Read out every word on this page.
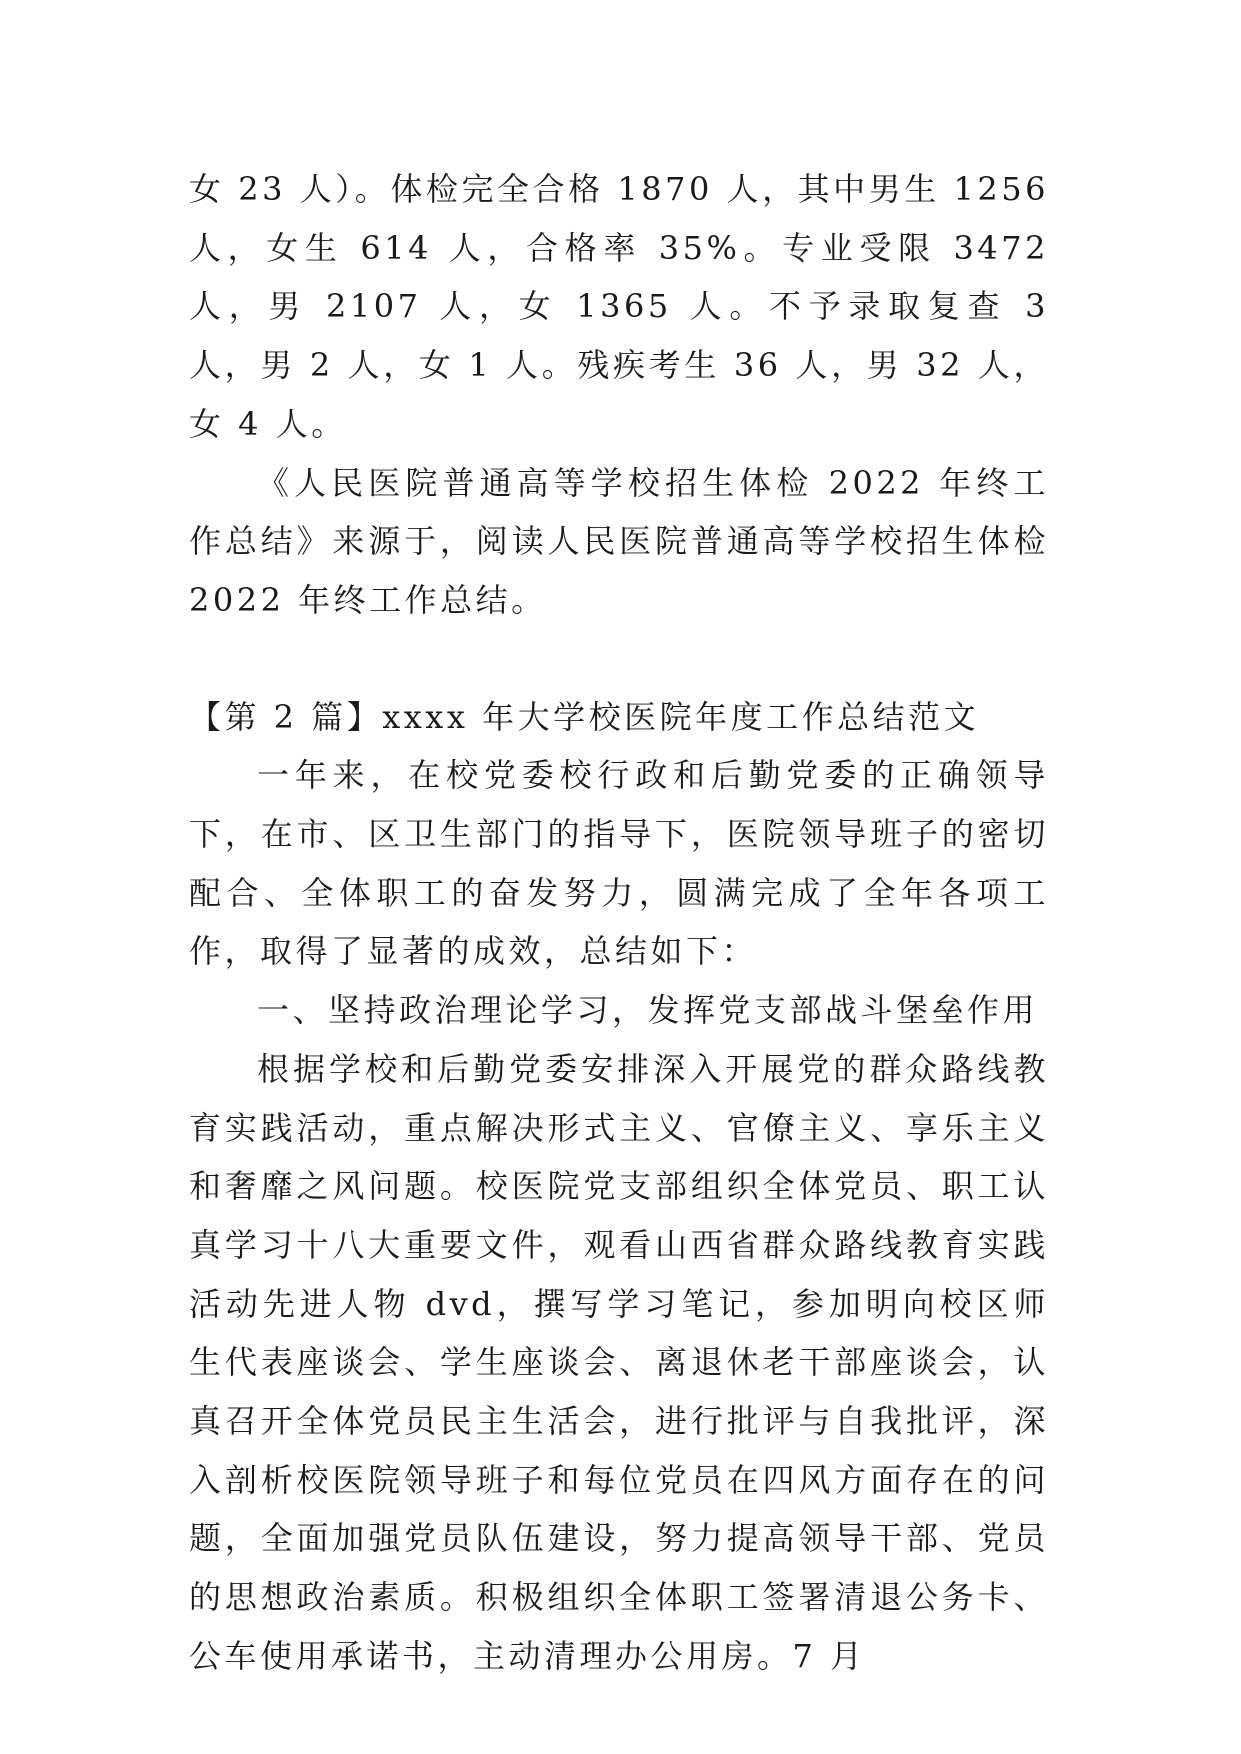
女 23 人）。体检完全合格 1870 人，其中男生 1256 人，女生 614 人，合格率 35%。专业受限 3472 人，男 2107 人，女 1365 人。不予录取复查 3 人，男 2 人，女 1 人。残疾考生 36 人，男 32 人，女 4 人。

《人民医院普通高等学校招生体检 2022 年终工作总结》来源于，阅读人民医院普通高等学校招生体检 2022 年终工作总结。

【第 2 篇】xxxx 年大学校医院年度工作总结范文

一年来，在校党委校行政和后勤党委的正确领导下，在市、区卫生部门的指导下，医院领导班子的密切配合、全体职工的奋发努力，圆满完成了全年各项工作，取得了显著的成效，总结如下：

一、坚持政治理论学习，发挥党支部战斗堡垒作用

根据学校和后勤党委安排深入开展党的群众路线教育实践活动，重点解决形式主义、官僚主义、享乐主义和奢靡之风问题。校医院党支部组织全体党员、职工认真学习十八大重要文件，观看山西省群众路线教育实践活动先进人物 dvd，撰写学习笔记，参加明向校区师生代表座谈会、学生座谈会、离退休老干部座谈会，认真召开全体党员民主生活会，进行批评与自我批评，深入剖析校医院领导班子和每位党员在四风方面存在的问题，全面加强党员队伍建设，努力提高领导干部、党员的思想政治素质。积极组织全体职工签署清退公务卡、公车使用承诺书，主动清理办公用房。7 月
